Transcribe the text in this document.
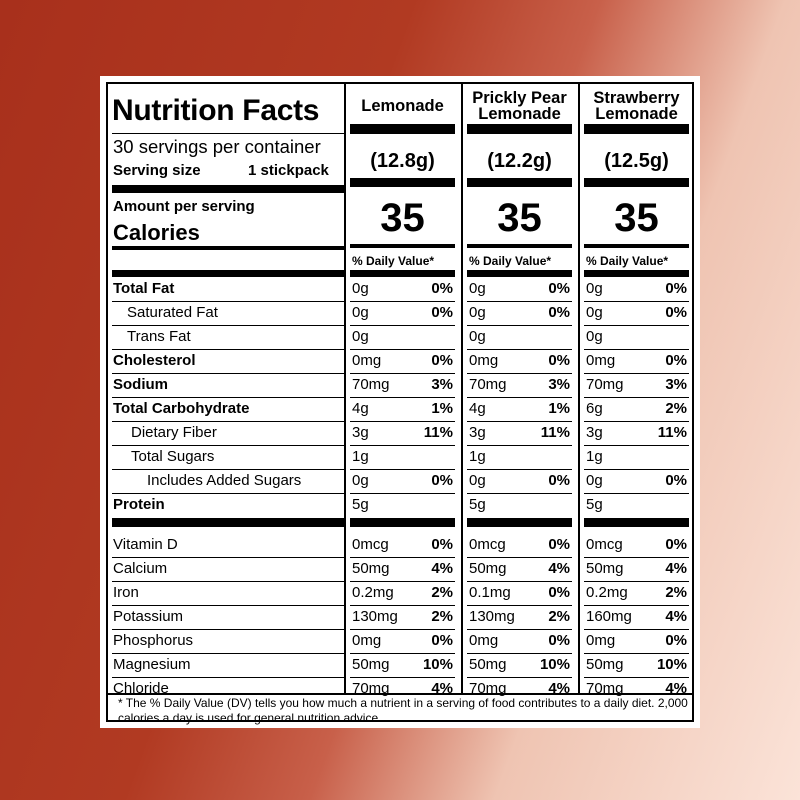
Nutrition Facts
30 servings per container
Serving size	1 stickpack
Amount per serving
Calories
* The % Daily Value (DV) tells you how much a nutrient in a serving of food contributes to a daily diet. 2,000 calories a day is used for general nutrition advice.
Lemonade
(12.8g)
35
% Daily Value*
Prickly Pear
Lemonade
(12.2g)
35
% Daily Value*
Strawberry
Lemonade
(12.5g)
35
% Daily Value*
Total Fat	0g	0% 0g	0% 0g	0%
Saturated Fat	0g	0% 0g	0% 0g	0%
Trans Fat	0g	0g	0g
Cholesterol	0mg	0% 0mg	0% 0mg	0%
Sodium	70mg	3% 70mg	3% 70mg	3%
Total Carbohydrate	4g	1% 4g	1% 6g	2%
Dietary Fiber	3g	11% 3g	11% 3g	11%
Total Sugars	1g	1g	1g
Includes Added Sugars	0g	0% 0g	0% 0g	0%
Protein	5g	5g	5g
Vitamin D	0mcg	0% 0mcg	0% 0mcg	0%
Calcium	50mg	4% 50mg	4% 50mg	4%
Iron	0.2mg	2% 0.1mg	0% 0.2mg	2%
Potassium	130mg	2% 130mg	2% 160mg	4%
Phosphorus	0mg	0% 0mg	0% 0mg	0%
Magnesium	50mg	10% 50mg	10% 50mg	10%
Chloride	70mg	4% 70mg	4% 70mg	4%
